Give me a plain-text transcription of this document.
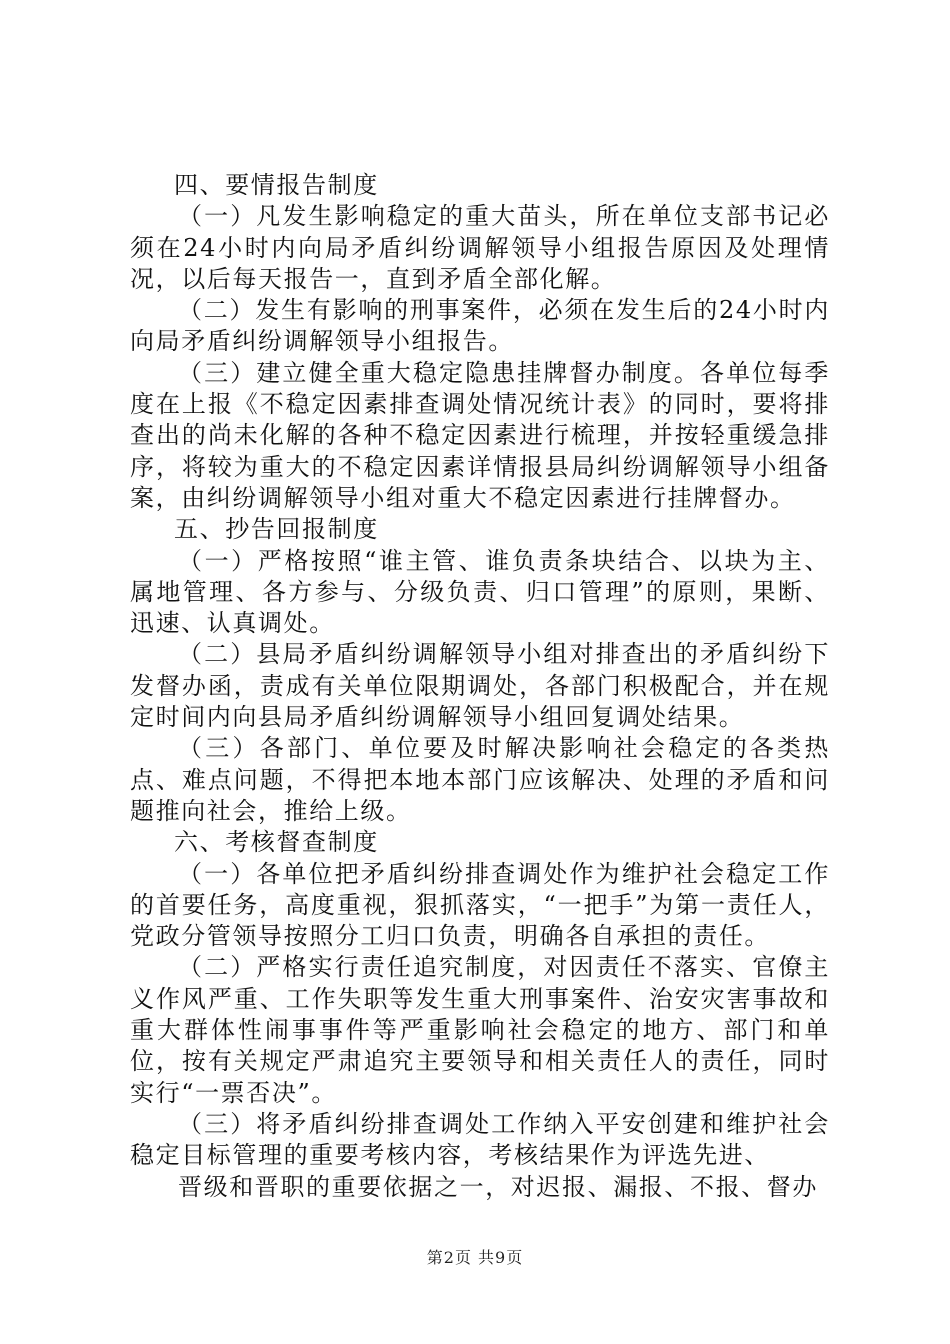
四、要情报告制度

（一）凡发生影响稳定的重大苗头，所在单位支部书记必须在24小时内向局矛盾纠纷调解领导小组报告原因及处理情况，以后每天报告一，直到矛盾全部化解。

（二）发生有影响的刑事案件，必须在发生后的24小时内向局矛盾纠纷调解领导小组报告。

（三）建立健全重大稳定隐患挂牌督办制度。各单位每季度在上报《不稳定因素排查调处情况统计表》的同时，要将排查出的尚未化解的各种不稳定因素进行梳理，并按轻重缓急排序，将较为重大的不稳定因素详情报县局纠纷调解领导小组备案，由纠纷调解领导小组对重大不稳定因素进行挂牌督办。

五、抄告回报制度

（一）严格按照“谁主管、谁负责条块结合、以块为主、属地管理、各方参与、分级负责、归口管理”的原则，果断、迅速、认真调处。

（二）县局矛盾纠纷调解领导小组对排查出的矛盾纠纷下发督办函，责成有关单位限期调处，各部门积极配合，并在规定时间内向县局矛盾纠纷调解领导小组回复调处结果。

（三）各部门、单位要及时解决影响社会稳定的各类热点、难点问题，不得把本地本部门应该解决、处理的矛盾和问题推向社会，推给上级。

六、考核督查制度

（一）各单位把矛盾纠纷排查调处作为维护社会稳定工作的首要任务，高度重视，狠抓落实，“一把手”为第一责任人，党政分管领导按照分工归口负责，明确各自承担的责任。

（二）严格实行责任追究制度，对因责任不落实、官僚主义作风严重、工作失职等发生重大刑事案件、治安灾害事故和重大群体性闹事事件等严重影响社会稳定的地方、部门和单位，按有关规定严肃追究主要领导和相关责任人的责任，同时实行“一票否决”。

（三）将矛盾纠纷排查调处工作纳入平安创建和维护社会稳定目标管理的重要考核内容，考核结果作为评选先进、

晋级和晋职的重要依据之一，对迟报、漏报、不报、督办

第2页 共9页
